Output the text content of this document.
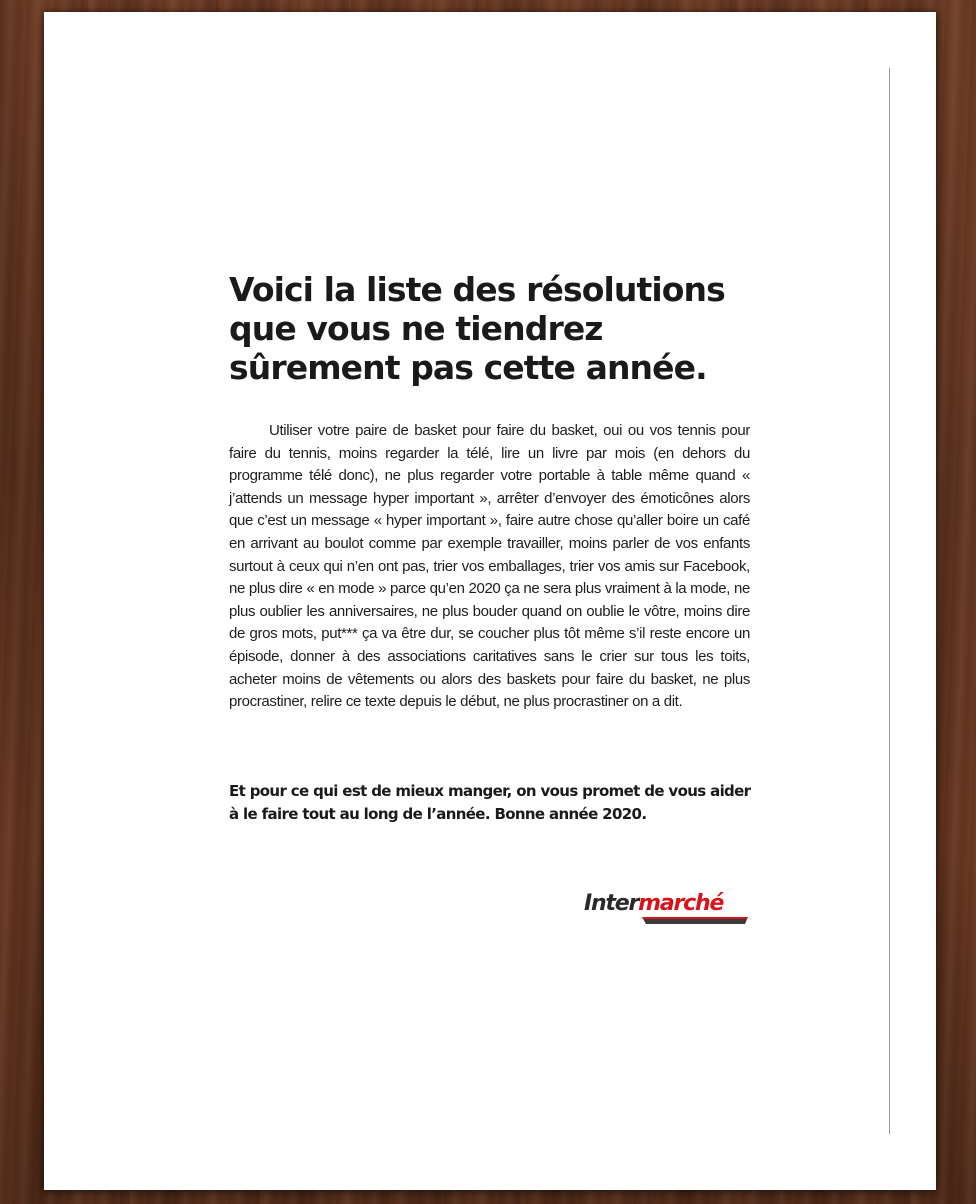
Voici la liste des résolutions que vous ne tiendrez sûrement pas cette année.

Utiliser votre paire de basket pour faire du basket, oui ou vos tennis pour faire du tennis, moins regarder la télé, lire un livre par mois (en dehors du programme télé donc), ne plus regarder votre portable à table même quand « j’attends un message hyper important », arrêter d’envoyer des émoticônes alors que c’est un message « hyper important », faire autre chose qu’aller boire un café en arrivant au boulot comme par exemple travailler, moins parler de vos enfants surtout à ceux qui n’en ont pas, trier vos emballages, trier vos amis sur Facebook, ne plus dire « en mode » parce qu’en 2020 ça ne sera plus vraiment à la mode, ne plus oublier les anniversaires, ne plus bouder quand on oublie le vôtre, moins dire de gros mots, put*** ça va être dur, se coucher plus tôt même s’il reste encore un épisode, donner à des associations caritatives sans le crier sur tous les toits, acheter moins de vêtements ou alors des baskets pour faire du basket, ne plus procrastiner, relire ce texte depuis le début, ne plus procrastiner on a dit.

Et pour ce qui est de mieux manger, on vous promet de vous aider à le faire tout au long de l’année. Bonne année 2020.

Intermarché
